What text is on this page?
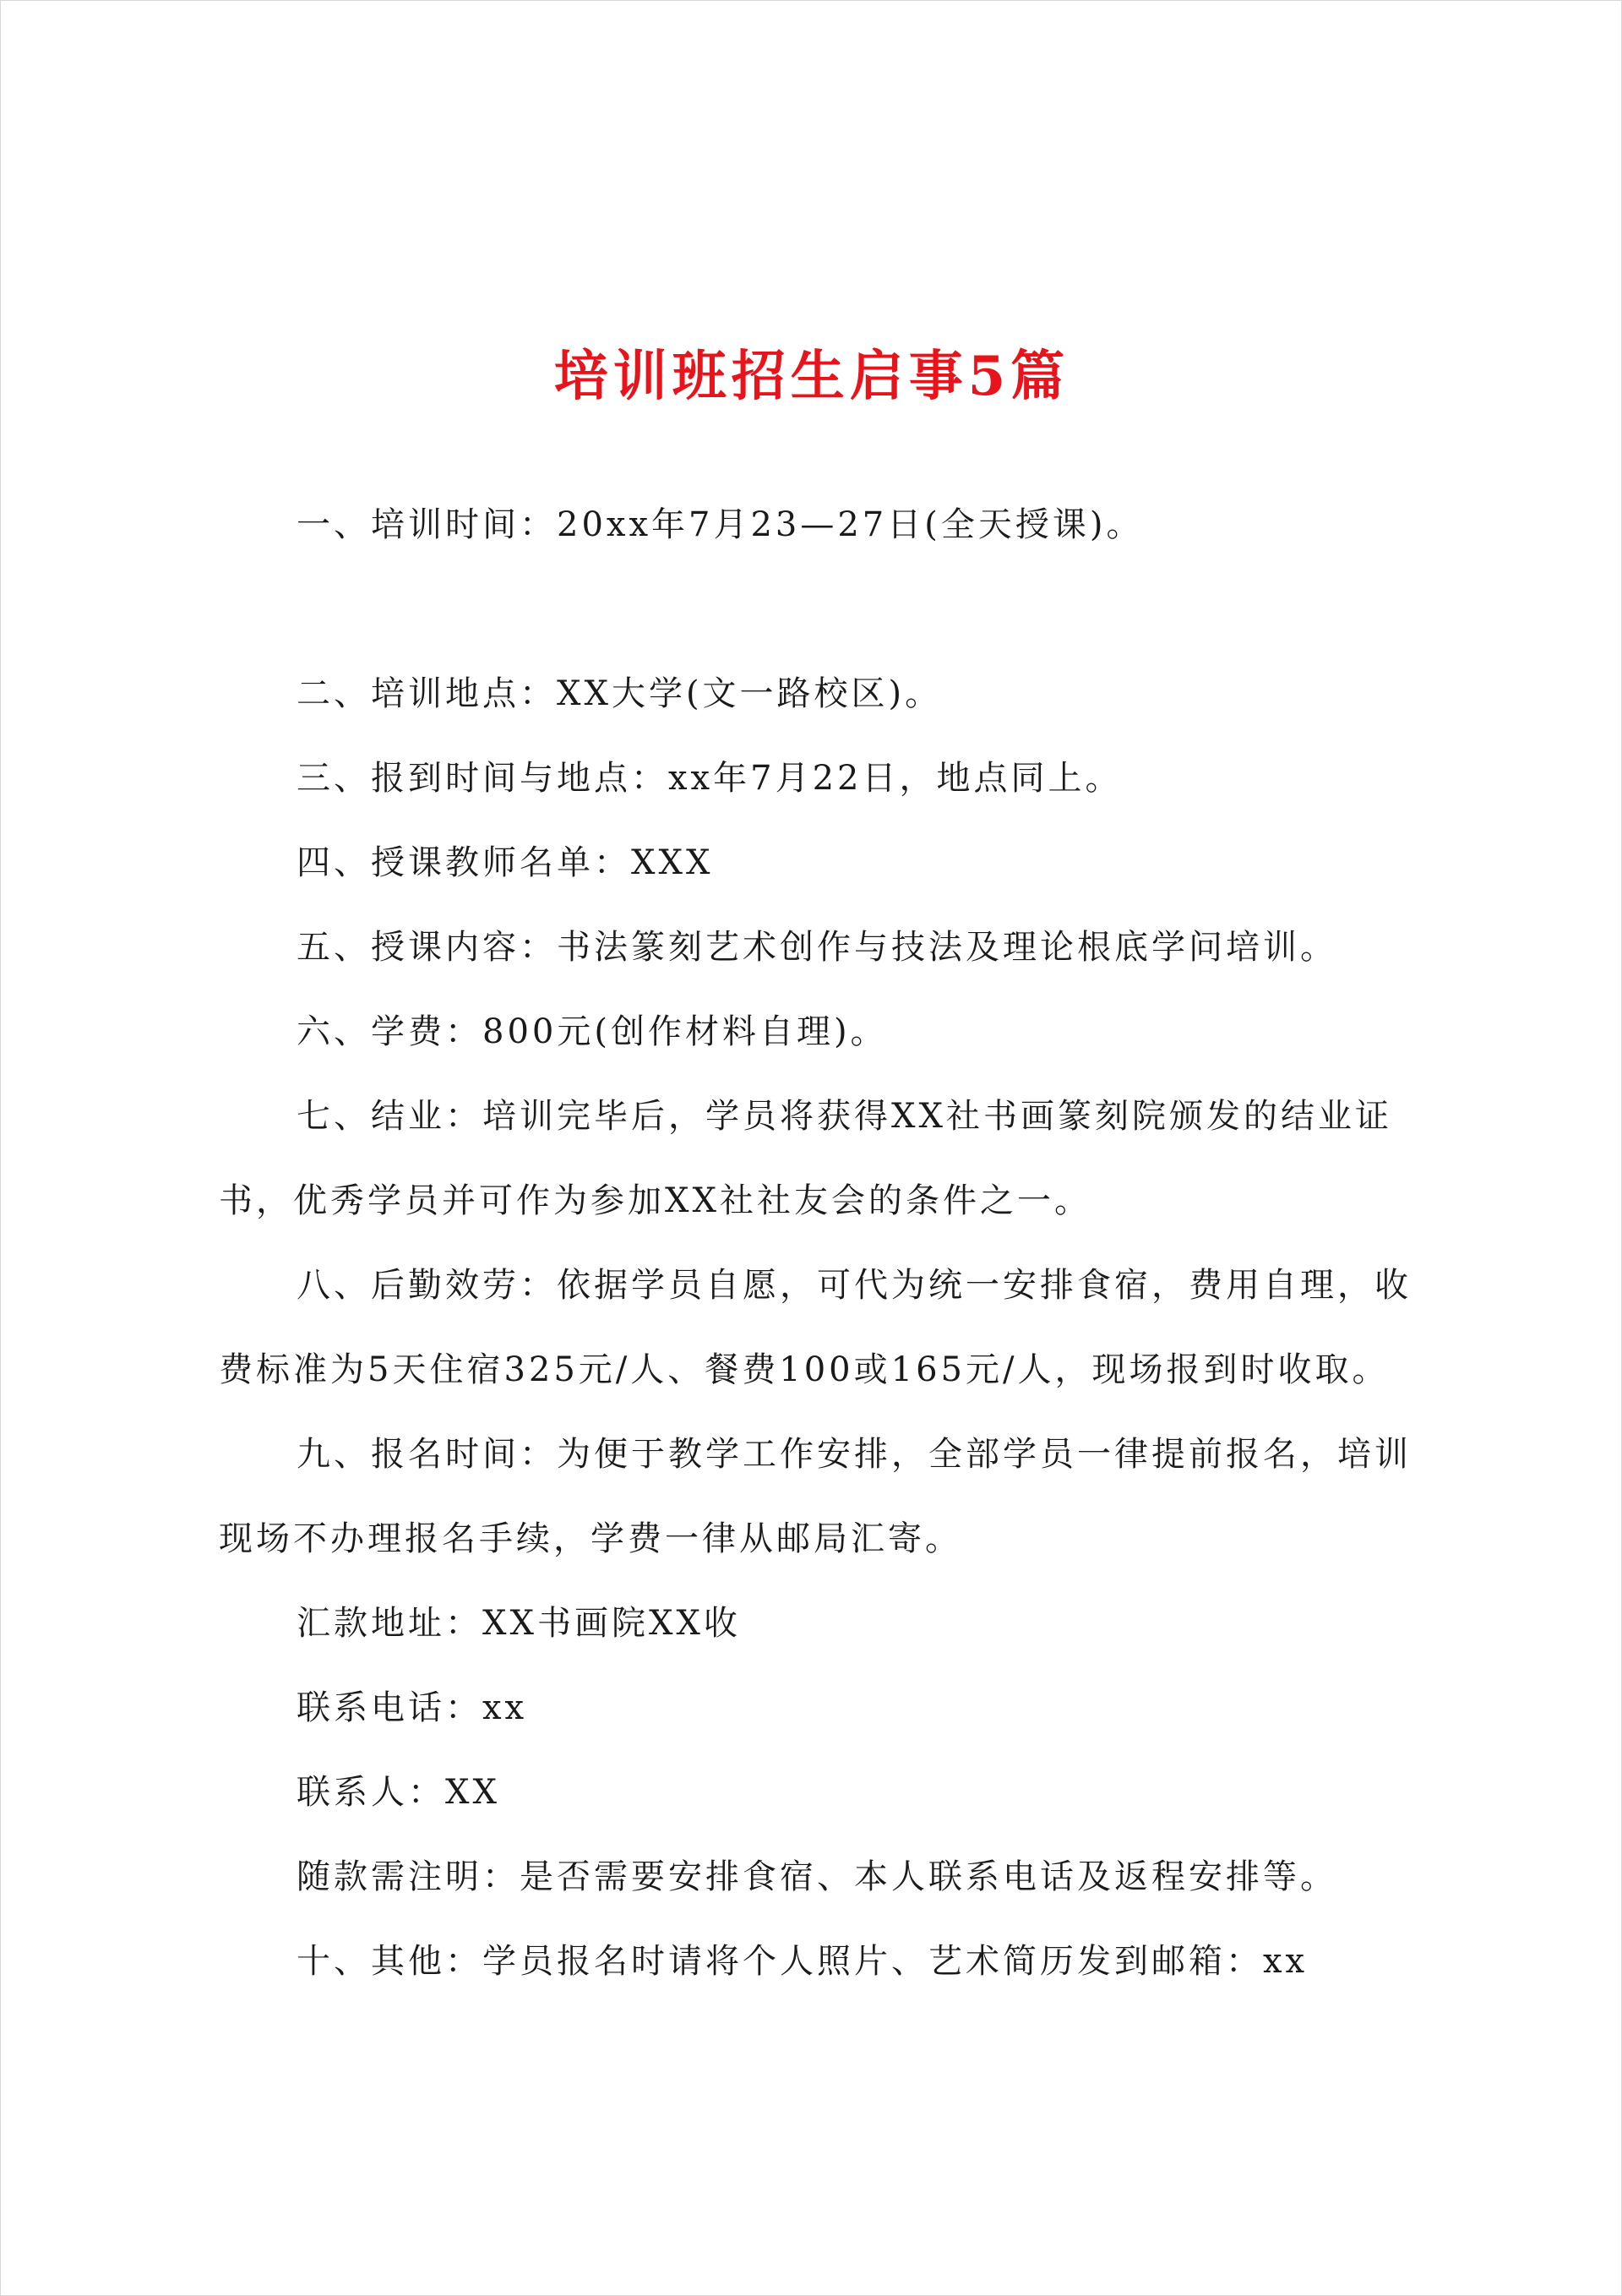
培训班招生启事5篇

一、培训时间：20xx年7月23—27日(全天授课)。

二、培训地点：XX大学(文一路校区)。

三、报到时间与地点：xx年7月22日，地点同上。

四、授课教师名单：XXX

五、授课内容：书法篆刻艺术创作与技法及理论根底学问培训。

六、学费：800元(创作材料自理)。

七、结业：培训完毕后，学员将获得XX社书画篆刻院颁发的结业证书，优秀学员并可作为参加XX社社友会的条件之一。

八、后勤效劳：依据学员自愿，可代为统一安排食宿，费用自理，收费标准为5天住宿325元/人、餐费100或165元/人，现场报到时收取。

九、报名时间：为便于教学工作安排，全部学员一律提前报名，培训现场不办理报名手续，学费一律从邮局汇寄。

汇款地址：XX书画院XX收

联系电话：xx

联系人：XX

随款需注明：是否需要安排食宿、本人联系电话及返程安排等。

十、其他：学员报名时请将个人照片、艺术简历发到邮箱：xx
